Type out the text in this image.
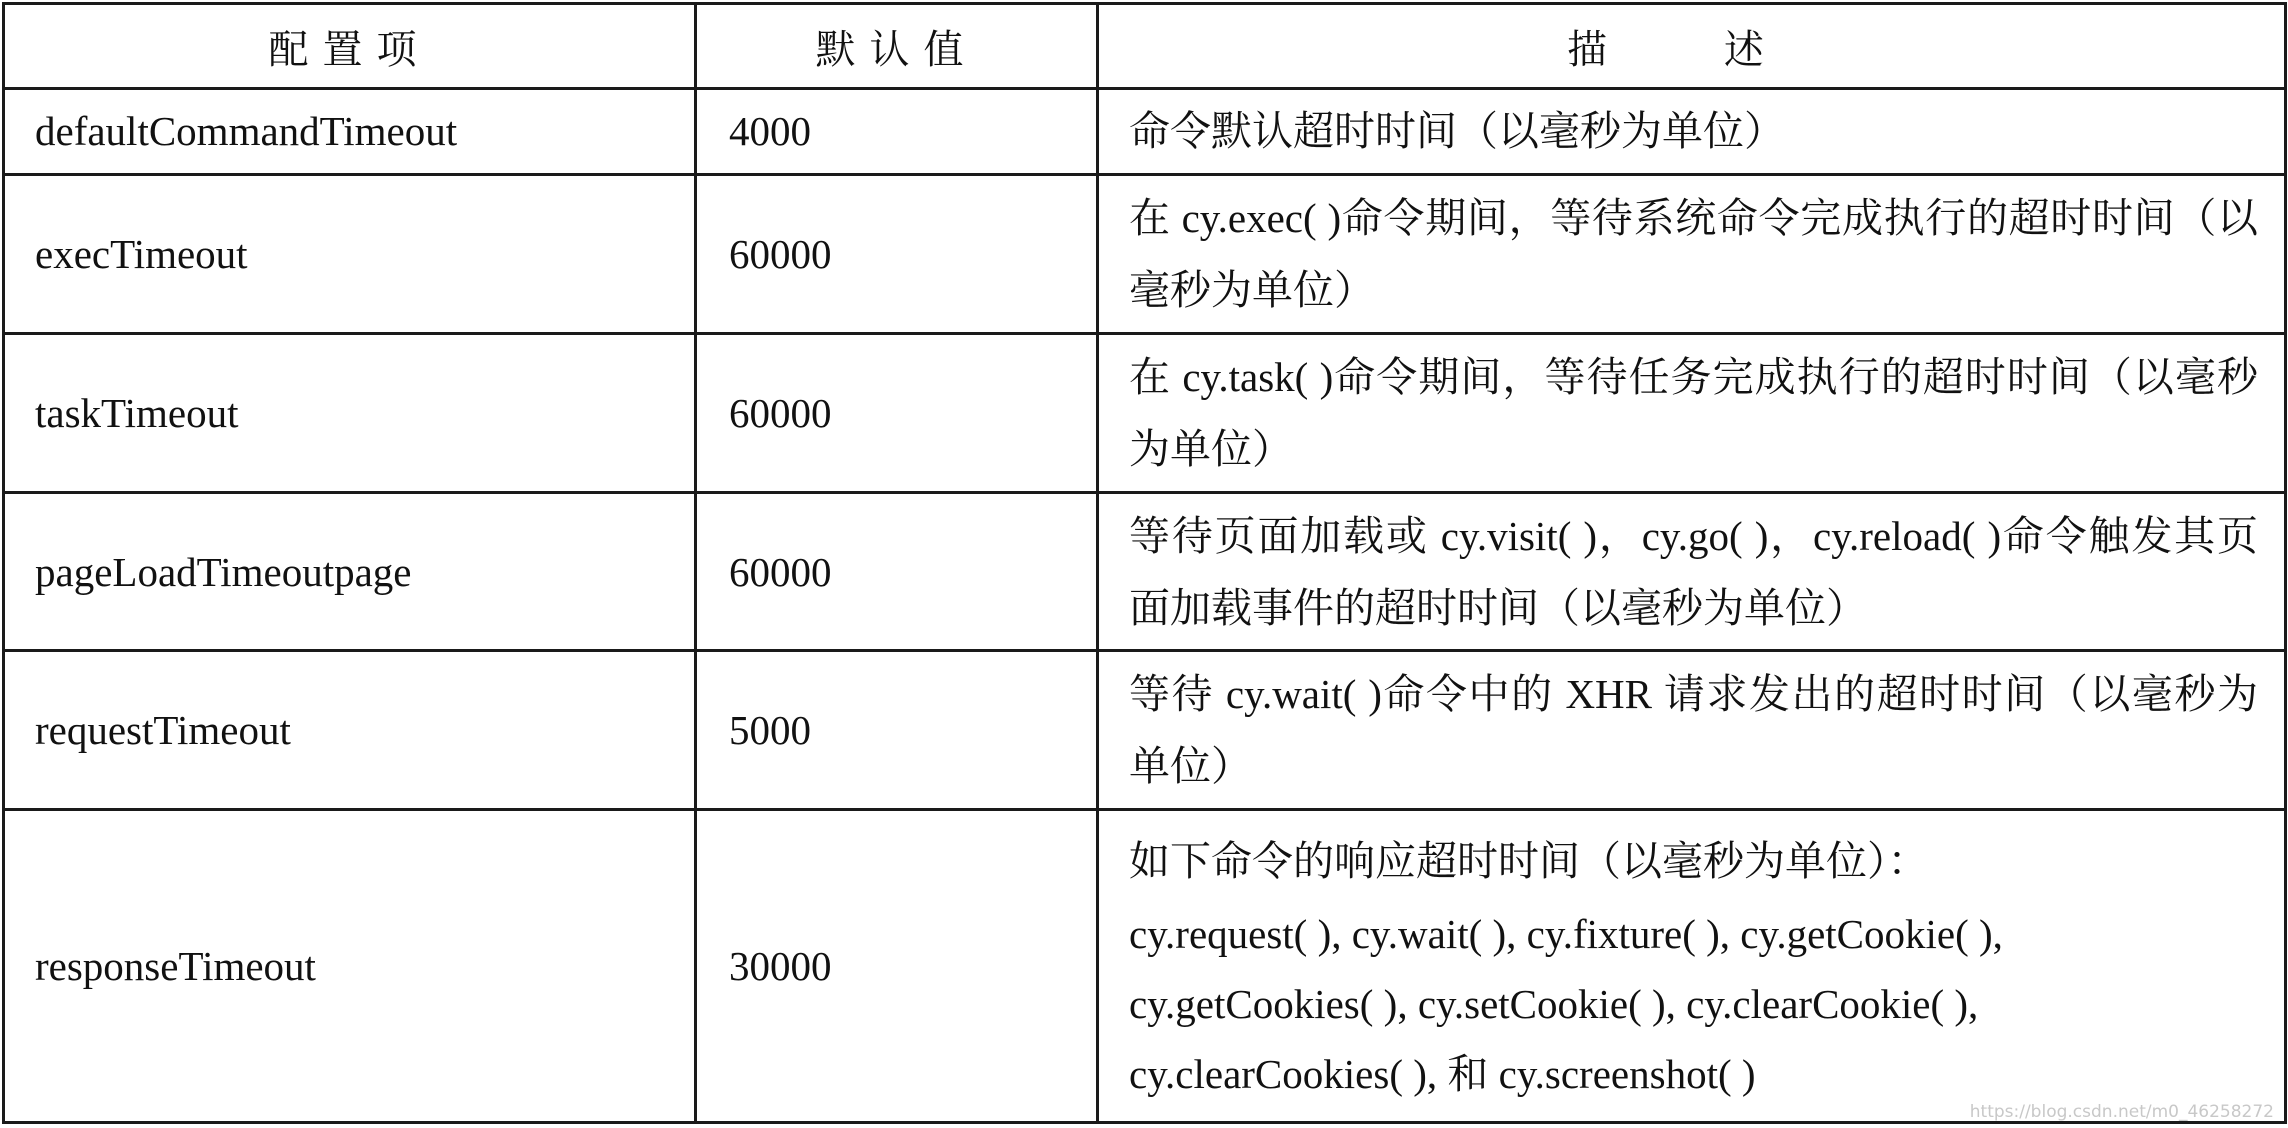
配置项	默认值	描 述
defaultCommandTimeout	4000	命令默认超时时间（以毫秒为单位）
execTimeout	60000	在 cy.exec( )命令期间，等待系统命令完成执行的超时时间（以毫秒为单位）
taskTimeout	60000	在 cy.task( )命令期间，等待任务完成执行的超时时间（以毫秒为单位）
pageLoadTimeoutpage	60000	等待页面加载或 cy.visit( )，cy.go( )，cy.reload( )命令触发其页面加载事件的超时时间（以毫秒为单位）
requestTimeout	5000	等待 cy.wait( )命令中的 XHR 请求发出的超时时间（以毫秒为单位）
responseTimeout	30000	如下命令的响应超时时间（以毫秒为单位）：
cy.request( ), cy.wait( ), cy.fixture( ), cy.getCookie( ),
cy.getCookies( ), cy.setCookie( ), cy.clearCookie( ),
cy.clearCookies( ), 和 cy.screenshot( )
https://blog.csdn.net/m0_46258272
